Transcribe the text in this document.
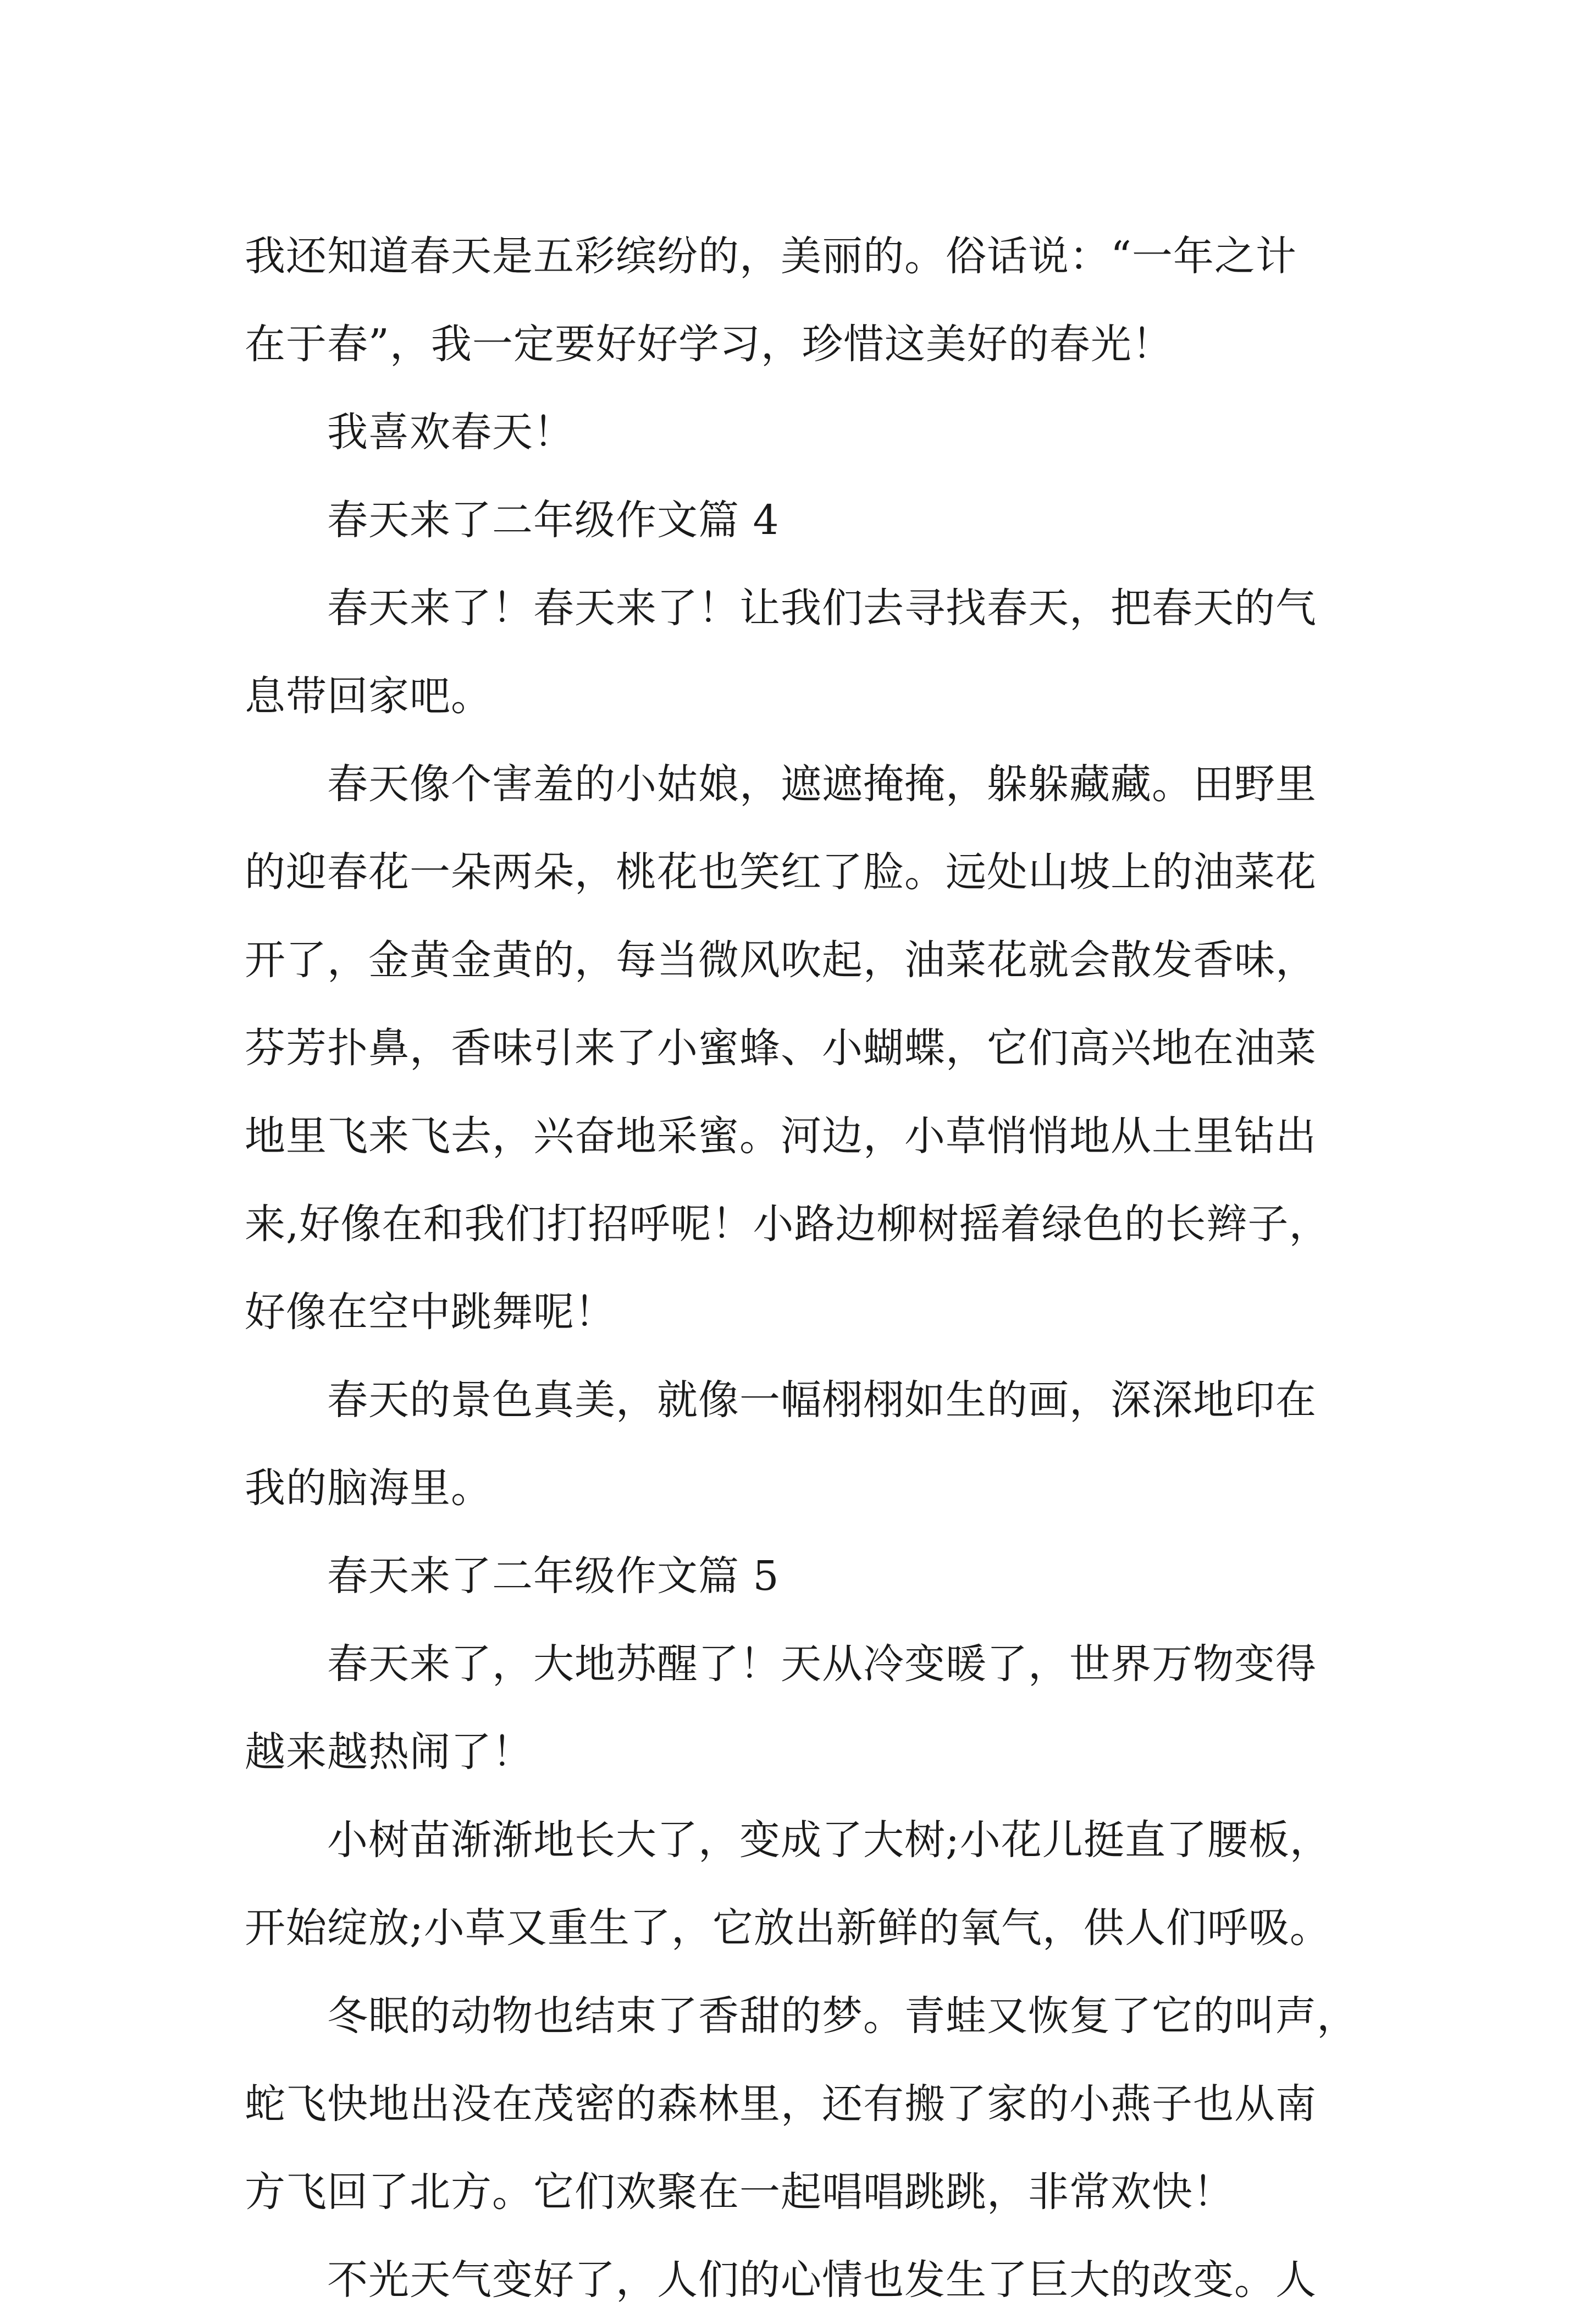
我还知道春天是五彩缤纷的，美丽的。俗话说：“一年之计

在于春”，我一定要好好学习，珍惜这美好的春光！

我喜欢春天！

春天来了二年级作文篇 4

春天来了！春天来了！让我们去寻找春天，把春天的气

息带回家吧。

春天像个害羞的小姑娘，遮遮掩掩，躲躲藏藏。田野里

的迎春花一朵两朵，桃花也笑红了脸。远处山坡上的油菜花

开了，金黄金黄的，每当微风吹起，油菜花就会散发香味，

芬芳扑鼻，香味引来了小蜜蜂、小蝴蝶，它们高兴地在油菜

地里飞来飞去，兴奋地采蜜。河边，小草悄悄地从土里钻出

来,好像在和我们打招呼呢！小路边柳树摇着绿色的长辫子，

好像在空中跳舞呢！

春天的景色真美，就像一幅栩栩如生的画，深深地印在

我的脑海里。

春天来了二年级作文篇 5

春天来了，大地苏醒了！天从冷变暖了，世界万物变得

越来越热闹了！

小树苗渐渐地长大了，变成了大树;小花儿挺直了腰板，

开始绽放;小草又重生了，它放出新鲜的氧气，供人们呼吸。

冬眠的动物也结束了香甜的梦。青蛙又恢复了它的叫声，

蛇飞快地出没在茂密的森林里，还有搬了家的小燕子也从南

方飞回了北方。它们欢聚在一起唱唱跳跳，非常欢快！

不光天气变好了，人们的心情也发生了巨大的改变。人
